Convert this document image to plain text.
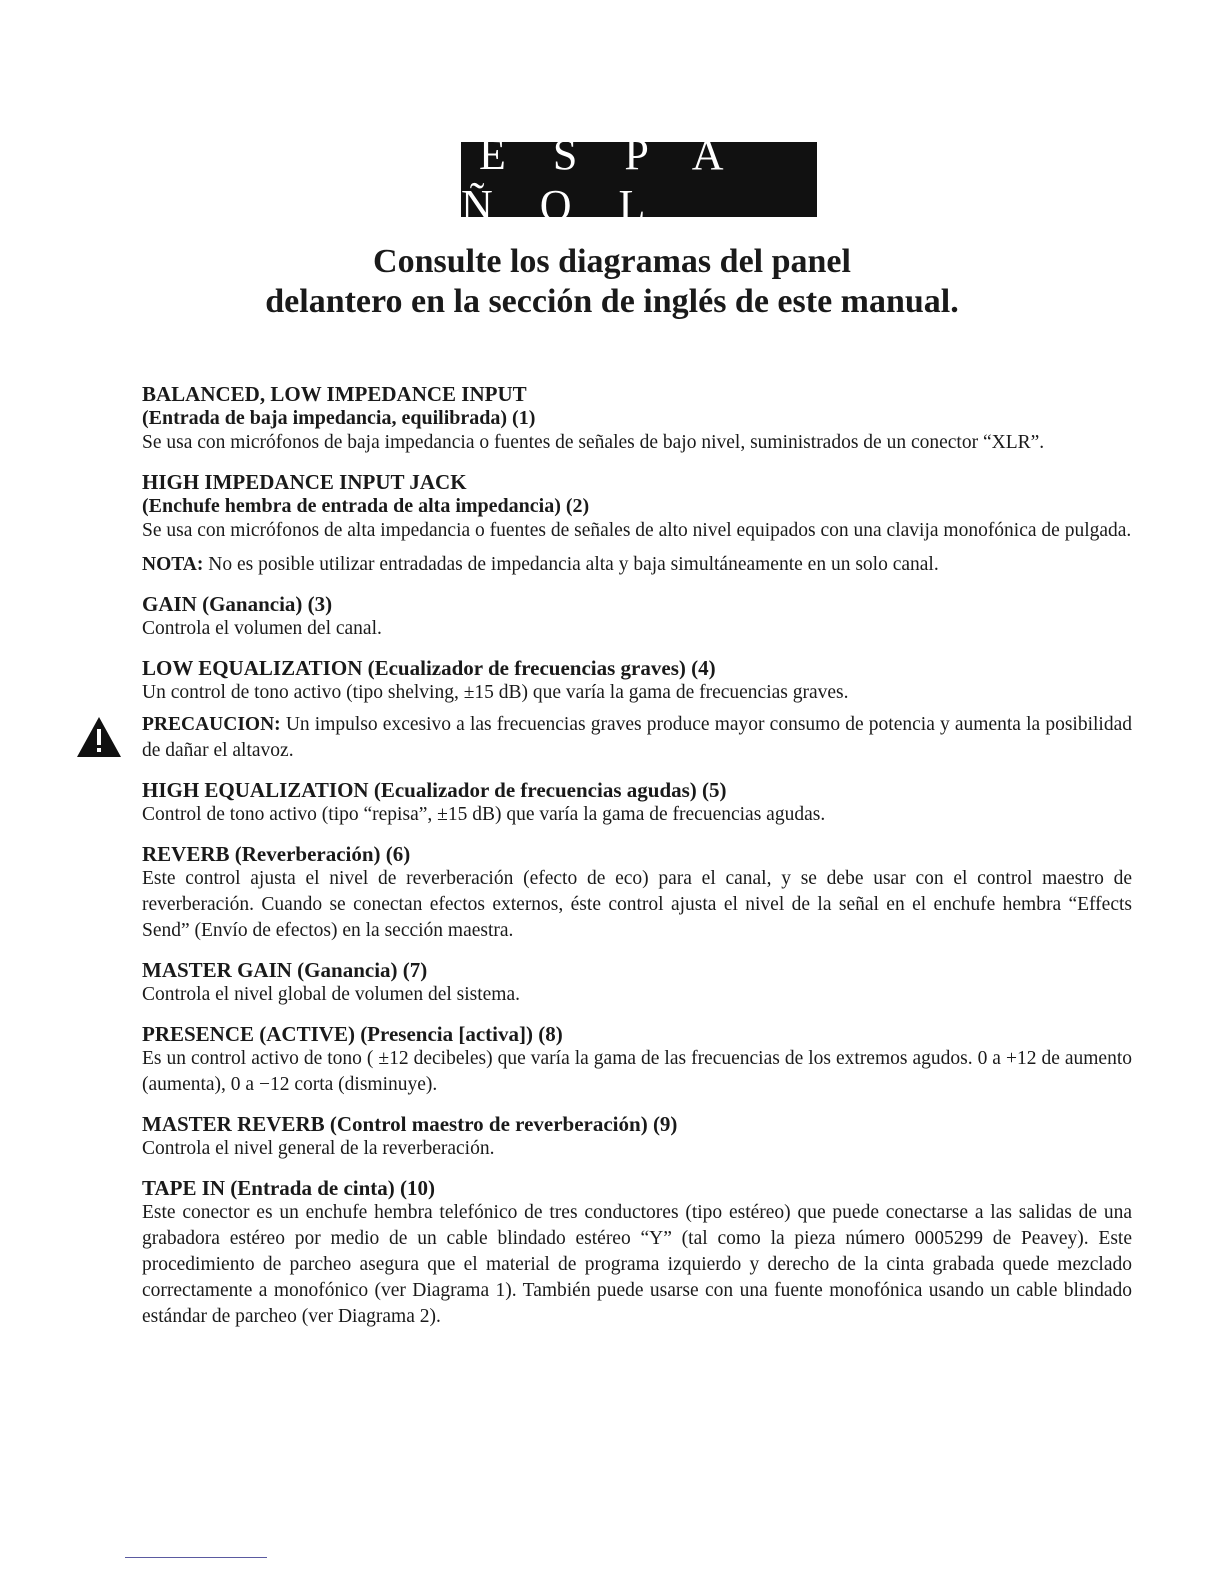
E S P A Ñ O L
Consulte los diagramas del panel
delantero en la sección de inglés de este manual.
BALANCED, LOW IMPEDANCE INPUT
(Entrada de baja impedancia, equilibrada) (1)
Se usa con micrófonos de baja impedancia o fuentes de señales de bajo nivel, suministrados de un conector “XLR”.
HIGH IMPEDANCE INPUT JACK
(Enchufe hembra de entrada de alta impedancia) (2)
Se usa con micrófonos de alta impedancia o fuentes de señales de alto nivel equipados con una clavija monofónica de pulgada.
NOTA: No es posible utilizar entradadas de impedancia alta y baja simultáneamente en un solo canal.
GAIN (Ganancia) (3)
Controla el volumen del canal.
LOW EQUALIZATION (Ecualizador de frecuencias graves) (4)
Un control de tono activo (tipo shelving, ±15 dB) que varía la gama de frecuencias graves.
PRECAUCION: Un impulso excesivo a las frecuencias graves produce mayor consumo de potencia y aumenta la posibilidad de dañar el altavoz.
HIGH EQUALIZATION (Ecualizador de frecuencias agudas) (5)
Control de tono activo (tipo “repisa”, ±15 dB) que varía la gama de frecuencias agudas.
REVERB (Reverberación) (6)
Este control ajusta el nivel de reverberación (efecto de eco) para el canal, y se debe usar con el control maestro de reverberación. Cuando se conectan efectos externos, éste control ajusta el nivel de la señal en el enchufe hembra “Effects Send” (Envío de efectos) en la sección maestra.
MASTER GAIN (Ganancia) (7)
Controla el nivel global de volumen del sistema.
PRESENCE (ACTIVE) (Presencia [activa]) (8)
Es un control activo de tono ( ±12 decibeles) que varía la gama de las frecuencias de los extremos agudos. 0 a +12 de aumento (aumenta), 0 a −12 corta (disminuye).
MASTER REVERB (Control maestro de reverberación) (9)
Controla el nivel general de la reverberación.
TAPE IN (Entrada de cinta) (10)
Este conector es un enchufe hembra telefónico de tres conductores (tipo estéreo) que puede conectarse a las salidas de una grabadora estéreo por medio de un cable blindado estéreo “Y” (tal como la pieza número 0005299 de Peavey). Este procedimiento de parcheo asegura que el material de programa izquierdo y derecho de la cinta grabada quede mezclado correctamente a monofónico (ver Diagrama 1). También puede usarse con una fuente monofónica usando un cable blindado estándar de parcheo (ver Diagrama 2).
